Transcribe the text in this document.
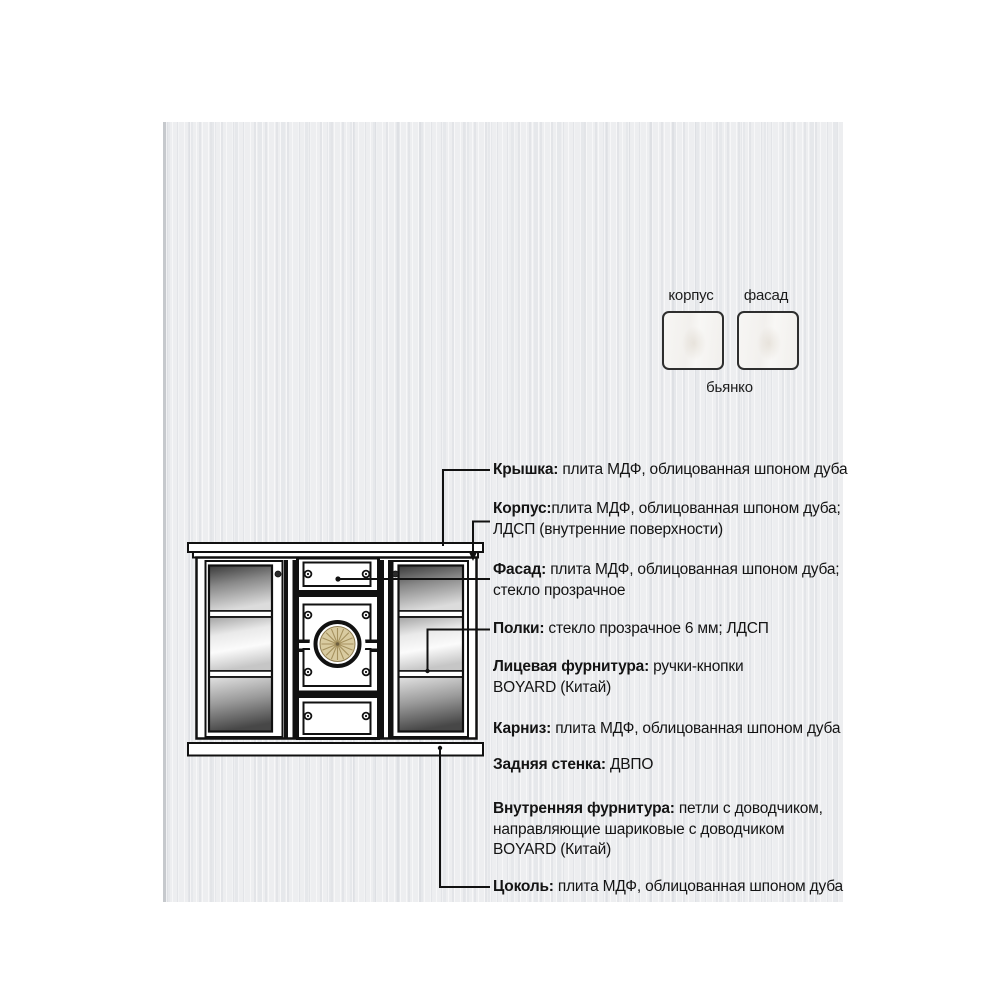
корпус	фасад
бьянко
Крышка: плита МДФ, облицованная шпоном дуба
Корпус:плита МДФ, облицованная шпоном дуба;
ЛДСП (внутренние поверхности)
Фасад: плита МДФ, облицованная шпоном дуба;
стекло прозрачное
Полки: стекло прозрачное 6 мм; ЛДСП
Лицевая фурнитура: ручки-кнопки
BOYARD (Китай)
Карниз: плита МДФ, облицованная шпоном дуба
Задняя стенка: ДВПО
Внутренняя фурнитура: петли с доводчиком,
направляющие шариковые с доводчиком
BOYARD (Китай)
Цоколь: плита МДФ, облицованная шпоном дуба
